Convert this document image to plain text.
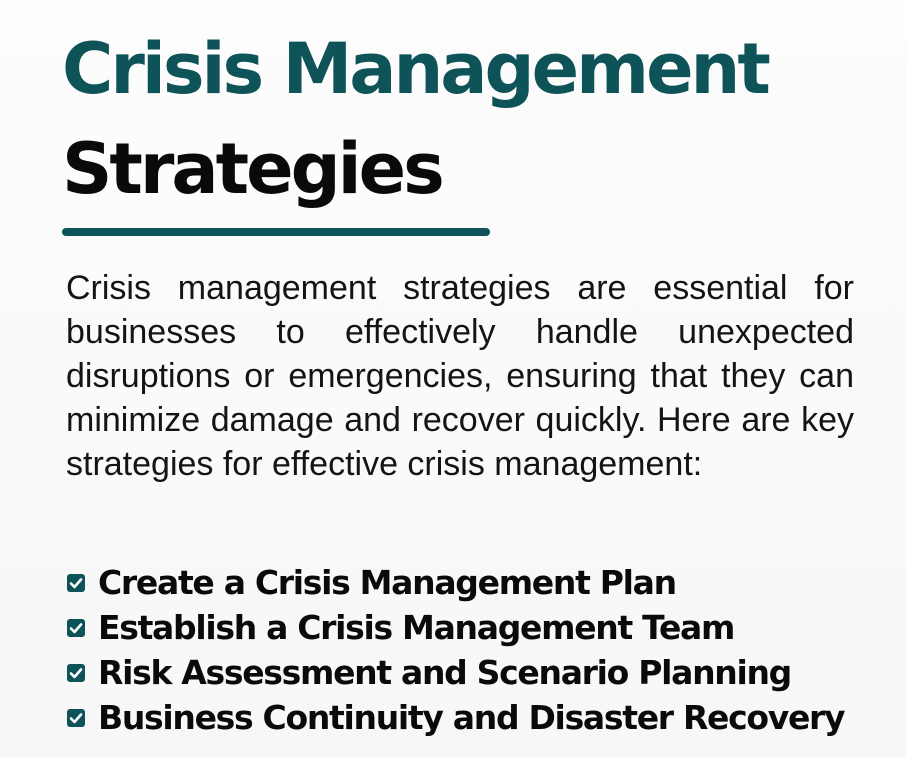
Crisis Management
Strategies

Crisis management strategies are essential for businesses to effectively handle unexpected disruptions or emergencies, ensuring that they can minimize damage and recover quickly. Here are key strategies for effective crisis management:

Create a Crisis Management Plan
Establish a Crisis Management Team
Risk Assessment and Scenario Planning
Business Continuity and Disaster Recovery
